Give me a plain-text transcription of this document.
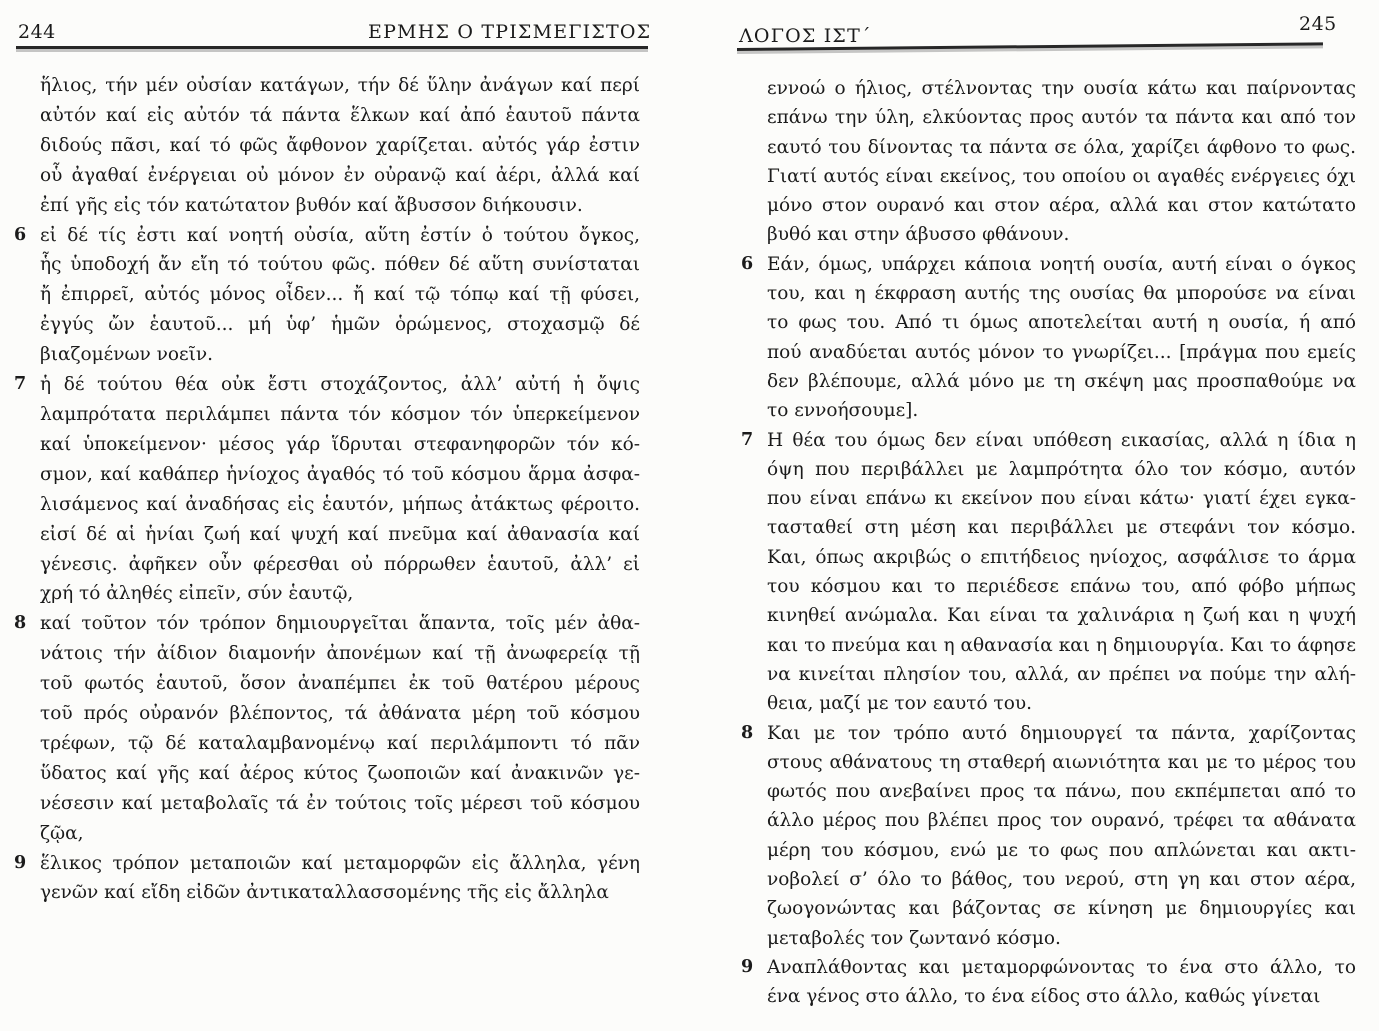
244	ΕΡΜΗΣ Ο ΤΡΙΣΜΕΓΙΣΤΟΣ
ἥλιος, τήν μέν οὐσίαν κατάγων, τήν δέ ὕλην ἀνάγων καί περί
αὐτόν καί εἰς αὐτόν τά πάντα ἕλκων καί ἀπό ἑαυτοῦ πάντα
διδούς πᾶσι, καί τό φῶς ἄφθονον χαρίζεται. αὐτός γάρ ἐστιν
οὗ ἀγαθαί ἐνέργειαι οὐ μόνον ἐν οὐρανῷ καί ἀέρι, ἀλλά καί
ἐπί γῆς εἰς τόν κατώτατον βυθόν καί ἄβυσσον διήκουσιν.
6 εἰ δέ τίς ἐστι καί νοητή οὐσία, αὕτη ἐστίν ὁ τούτου ὄγκος,
ἧς ὑποδοχή ἄν εἴη τό τούτου φῶς. πόθεν δέ αὕτη συνίσταται
ἤ ἐπιρρεῖ, αὐτός μόνος οἶδεν... ἤ καί τῷ τόπῳ καί τῇ φύσει,
ἐγγύς ὤν ἑαυτοῦ... μή ὑφ’ ἡμῶν ὁρώμενος, στοχασμῷ δέ
βιαζομένων νοεῖν.
7 ἡ δέ τούτου θέα οὐκ ἔστι στοχάζοντος, ἀλλ’ αὐτή ἡ ὄψις
λαμπρότατα περιλάμπει πάντα τόν κόσμον τόν ὑπερκείμενον
καί ὑποκείμενον· μέσος γάρ ἵδρυται στεφανηφορῶν τόν κό-
σμον, καί καθάπερ ἡνίοχος ἀγαθός τό τοῦ κόσμου ἅρμα ἀσφα-
λισάμενος καί ἀναδήσας εἰς ἑαυτόν, μήπως ἀτάκτως φέροιτο.
εἰσί δέ αἱ ἡνίαι ζωή καί ψυχή καί πνεῦμα καί ἀθανασία καί
γένεσις. ἀφῆκεν οὖν φέρεσθαι οὐ πόρρωθεν ἑαυτοῦ, ἀλλ’ εἰ
χρή τό ἀληθές εἰπεῖν, σύν ἑαυτῷ,
8 καί τοῦτον τόν τρόπον δημιουργεῖται ἅπαντα, τοῖς μέν ἀθα-
νάτοις τήν ἀίδιον διαμονήν ἀπονέμων καί τῇ ἀνωφερείᾳ τῇ
τοῦ φωτός ἑαυτοῦ, ὅσον ἀναπέμπει ἐκ τοῦ θατέρου μέρους
τοῦ πρός οὐρανόν βλέποντος, τά ἀθάνατα μέρη τοῦ κόσμου
τρέφων, τῷ δέ καταλαμβανομένῳ καί περιλάμποντι τό πᾶν
ὕδατος καί γῆς καί ἀέρος κύτος ζωοποιῶν καί ἀνακινῶν γε-
νέσεσιν καί μεταβολαῖς τά ἐν τούτοις τοῖς μέρεσι τοῦ κόσμου
ζῷα,
9 ἕλικος τρόπον μεταποιῶν καί μεταμορφῶν εἰς ἄλληλα, γένη
γενῶν καί εἴδη εἰδῶν ἀντικαταλλασσομένης τῆς εἰς ἄλληλα
245
ΛΟΓΟΣ ΙΣΤ΄
εννοώ ο ήλιος, στέλνοντας την ουσία κάτω και παίρνοντας
επάνω την ύλη, ελκύοντας προς αυτόν τα πάντα και από τον
εαυτό του δίνοντας τα πάντα σε όλα, χαρίζει άφθονο το φως.
Γιατί αυτός είναι εκείνος, του οποίου οι αγαθές ενέργειες όχι
μόνο στον ουρανό και στον αέρα, αλλά και στον κατώτατο
βυθό και στην άβυσσο φθάνουν.
6 Εάν, όμως, υπάρχει κάποια νοητή ουσία, αυτή είναι ο όγκος
του, και η έκφραση αυτής της ουσίας θα μπορούσε να είναι
το φως του. Από τι όμως αποτελείται αυτή η ουσία, ή από
πού αναδύεται αυτός μόνον το γνωρίζει... [πράγμα που εμείς
δεν βλέπουμε, αλλά μόνο με τη σκέψη μας προσπαθούμε να
το εννοήσουμε].
7 Η θέα του όμως δεν είναι υπόθεση εικασίας, αλλά η ίδια η
όψη που περιβάλλει με λαμπρότητα όλο τον κόσμο, αυτόν
που είναι επάνω κι εκείνον που είναι κάτω· γιατί έχει εγκα-
τασταθεί στη μέση και περιβάλλει με στεφάνι τον κόσμο.
Και, όπως ακριβώς ο επιτήδειος ηνίοχος, ασφάλισε το άρμα
του κόσμου και το περιέδεσε επάνω του, από φόβο μήπως
κινηθεί ανώμαλα. Και είναι τα χαλινάρια η ζωή και η ψυχή
και το πνεύμα και η αθανασία και η δημιουργία. Και το άφησε
να κινείται πλησίον του, αλλά, αν πρέπει να πούμε την αλή-
θεια, μαζί με τον εαυτό του.
8 Και με τον τρόπο αυτό δημιουργεί τα πάντα, χαρίζοντας
στους αθάνατους τη σταθερή αιωνιότητα και με το μέρος του
φωτός που ανεβαίνει προς τα πάνω, που εκπέμπεται από το
άλλο μέρος που βλέπει προς τον ουρανό, τρέφει τα αθάνατα
μέρη του κόσμου, ενώ με το φως που απλώνεται και ακτι-
νοβολεί σ’ όλο το βάθος, του νερού, στη γη και στον αέρα,
ζωογονώντας και βάζοντας σε κίνηση με δημιουργίες και
μεταβολές τον ζωντανό κόσμο.
9 Αναπλάθοντας και μεταμορφώνοντας το ένα στο άλλο, το
ένα γένος στο άλλο, το ένα είδος στο άλλο, καθώς γίνεται
